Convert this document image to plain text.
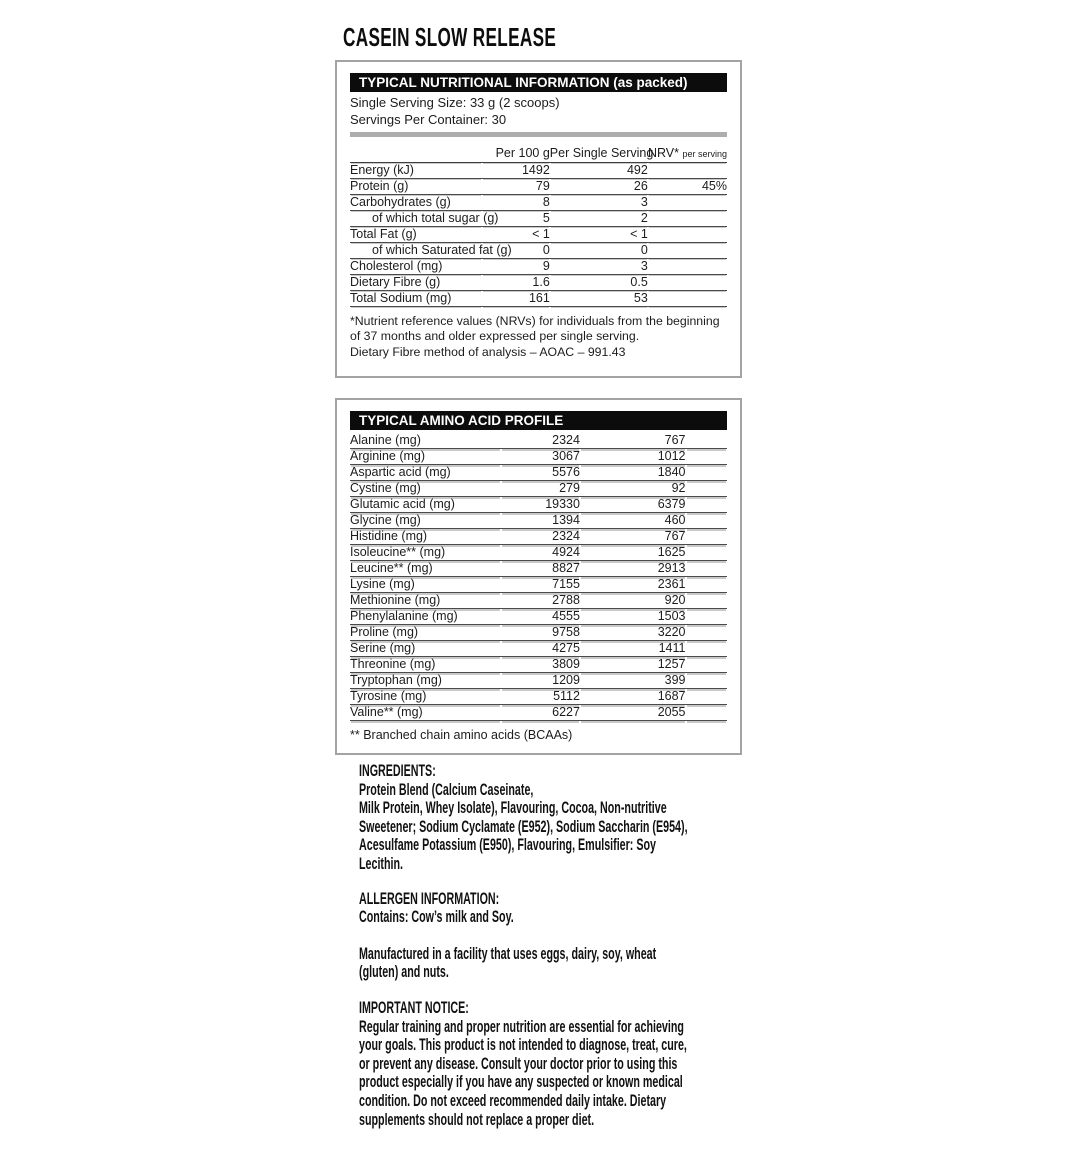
CASEIN SLOW RELEASE
TYPICAL NUTRITIONAL INFORMATION (as packed)
Single Serving Size: 33 g (2 scoops)
Servings Per Container: 30
	Per 100 g	Per Single Serving	NRV* per serving
Energy (kJ)	1492	492	
Protein (g)	79	26	45%
Carbohydrates (g)	8	3	
of which total sugar (g)	5	2	
Total Fat (g)	< 1	< 1	
of which Saturated fat (g)	0	0	
Cholesterol (mg)	9	3	
Dietary Fibre (g)	1.6	0.5	
Total Sodium (mg)	161	53	
*Nutrient reference values (NRVs) for individuals from the beginning
of 37 months and older expressed per single serving.
Dietary Fibre method of analysis – AOAC – 991.43
TYPICAL AMINO ACID PROFILE
Alanine (mg)	2324	767	
Arginine (mg)	3067	1012	
Aspartic acid (mg)	5576	1840	
Cystine (mg)	279	92	
Glutamic acid (mg)	19330	6379	
Glycine (mg)	1394	460	
Histidine (mg)	2324	767	
Isoleucine** (mg)	4924	1625	
Leucine** (mg)	8827	2913	
Lysine (mg)	7155	2361	
Methionine (mg)	2788	920	
Phenylalanine (mg)	4555	1503	
Proline (mg)	9758	3220	
Serine (mg)	4275	1411	
Threonine (mg)	3809	1257	
Tryptophan (mg)	1209	399	
Tyrosine (mg)	5112	1687	
Valine** (mg)	6227	2055	
** Branched chain amino acids (BCAAs)
INGREDIENTS:
Protein Blend (Calcium Caseinate,
Milk Protein, Whey Isolate), Flavouring, Cocoa, Non-nutritive
Sweetener; Sodium Cyclamate (E952), Sodium Saccharin (E954),
Acesulfame Potassium (E950), Flavouring, Emulsifier: Soy
Lecithin.
ALLERGEN INFORMATION:
Contains: Cow’s milk and Soy.
Manufactured in a facility that uses eggs, dairy, soy, wheat
(gluten) and nuts.
IMPORTANT NOTICE:
Regular training and proper nutrition are essential for achieving
your goals. This product is not intended to diagnose, treat, cure,
or prevent any disease. Consult your doctor prior to using this
product especially if you have any suspected or known medical
condition. Do not exceed recommended daily intake. Dietary
supplements should not replace a proper diet.
